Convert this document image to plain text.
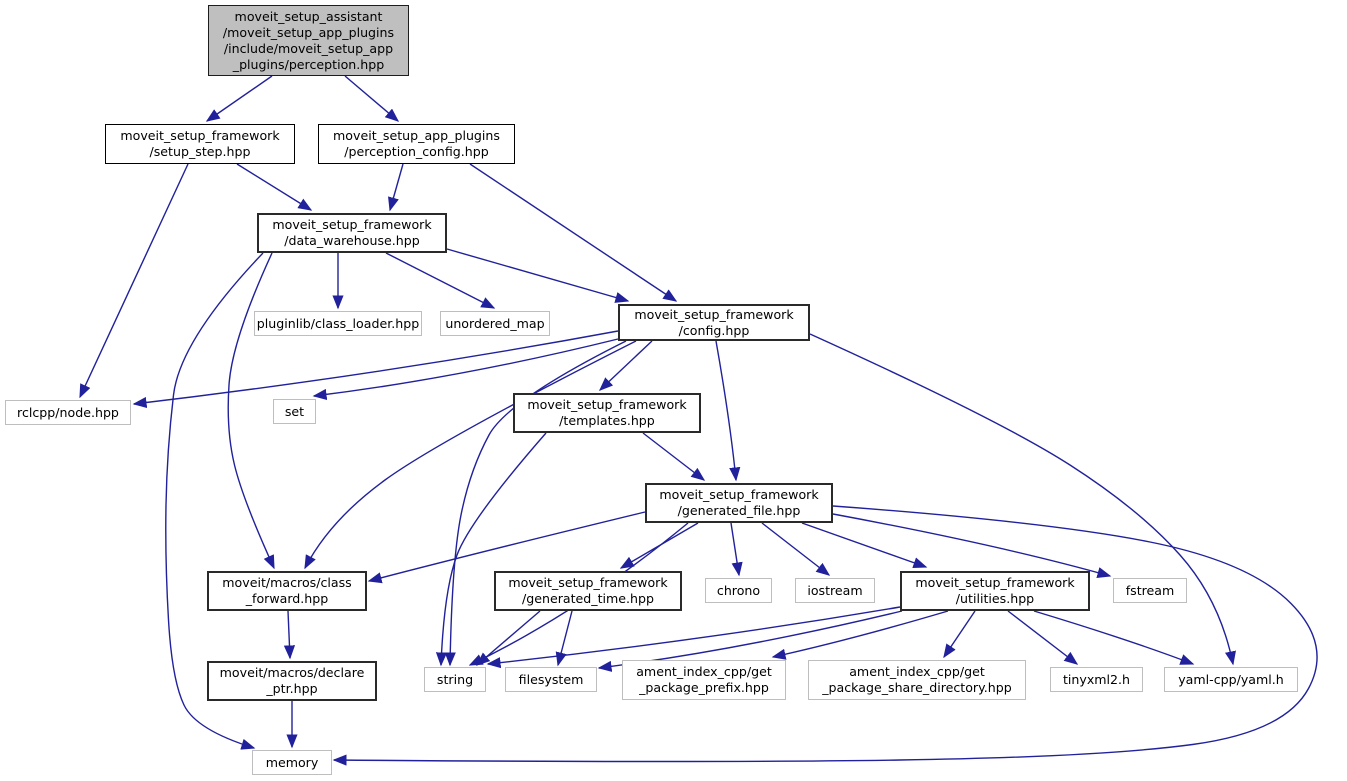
moveit_setup_assistant
/moveit_setup_app_plugins
/include/moveit_setup_app
_plugins/perception.hpp
moveit_setup_framework
/setup_step.hpp
moveit_setup_app_plugins
/perception_config.hpp
moveit_setup_framework
/data_warehouse.hpp
pluginlib/class_loader.hpp unordered_map
moveit_setup_framework
/config.hpp
rclcpp/node.hpp	set	moveit_setup_framework
/templates.hpp
moveit_setup_framework
/generated_file.hpp
moveit/macros/class
_forward.hpp
moveit_setup_framework
/generated_time.hpp
chrono	iostream	moveit_setup_framework
/utilities.hpp
fstream
moveit/macros/declare
_ptr.hpp
string	filesystem	ament_index_cpp/get
_package_prefix.hpp
ament_index_cpp/get
_package_share_directory.hpp
tinyxml2.h	yaml-cpp/yaml.h
memory
